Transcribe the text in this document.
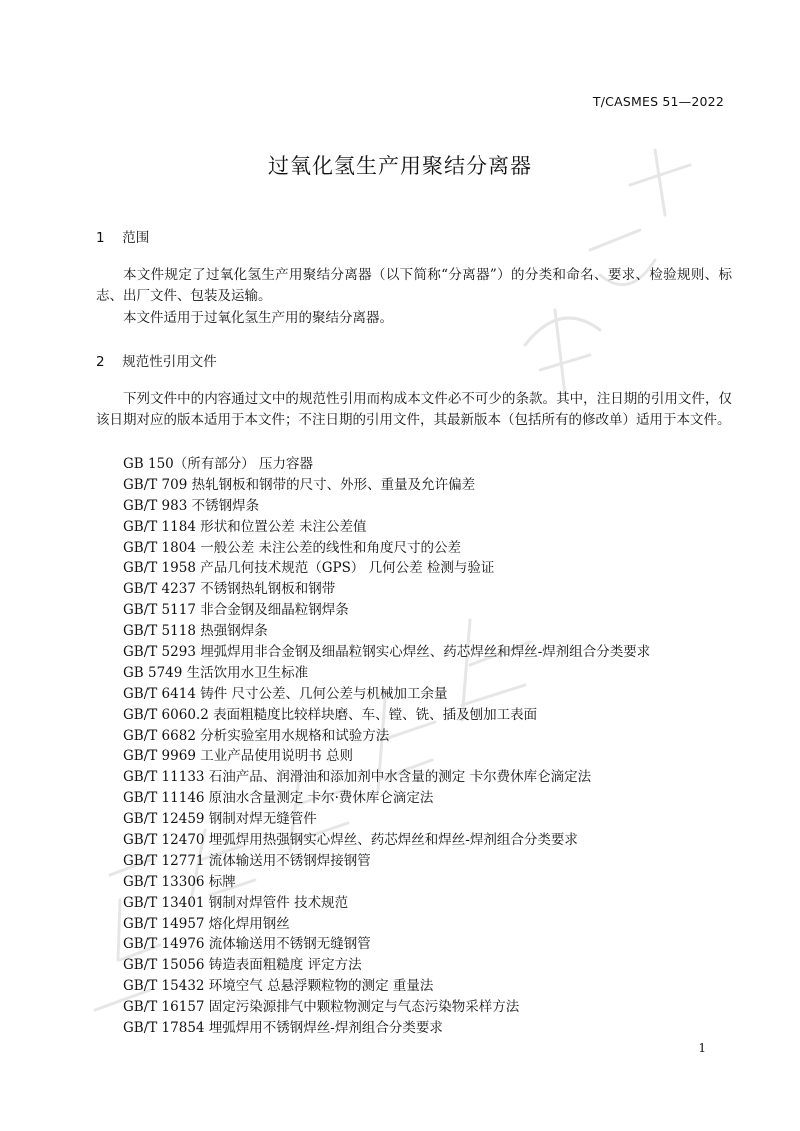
T/CASMES 51—2022
过氧化氢生产用聚结分离器
1 范围
本文件规定了过氧化氢生产用聚结分离器（以下简称“分离器”）的分类和命名、要求、检验规则、标志、出厂文件、包装及运输。
本文件适用于过氧化氢生产用的聚结分离器。
2 规范性引用文件
下列文件中的内容通过文中的规范性引用而构成本文件必不可少的条款。其中，注日期的引用文件，仅该日期对应的版本适用于本文件；不注日期的引用文件，其最新版本（包括所有的修改单）适用于本文件。
GB 150（所有部分） 压力容器
GB/T 709 热轧钢板和钢带的尺寸、外形、重量及允许偏差
GB/T 983 不锈钢焊条
GB/T 1184 形状和位置公差 未注公差值
GB/T 1804 一般公差 未注公差的线性和角度尺寸的公差
GB/T 1958 产品几何技术规范（GPS） 几何公差 检测与验证
GB/T 4237 不锈钢热轧钢板和钢带
GB/T 5117 非合金钢及细晶粒钢焊条
GB/T 5118 热强钢焊条
GB/T 5293 埋弧焊用非合金钢及细晶粒钢实心焊丝、药芯焊丝和焊丝-焊剂组合分类要求
GB 5749 生活饮用水卫生标准
GB/T 6414 铸件 尺寸公差、几何公差与机械加工余量
GB/T 6060.2 表面粗糙度比较样块磨、车、镗、铣、插及刨加工表面
GB/T 6682 分析实验室用水规格和试验方法
GB/T 9969 工业产品使用说明书 总则
GB/T 11133 石油产品、润滑油和添加剂中水含量的测定 卡尔费休库仑滴定法
GB/T 11146 原油水含量测定 卡尔·费休库仑滴定法
GB/T 12459 钢制对焊无缝管件
GB/T 12470 埋弧焊用热强钢实心焊丝、药芯焊丝和焊丝-焊剂组合分类要求
GB/T 12771 流体输送用不锈钢焊接钢管
GB/T 13306 标牌
GB/T 13401 钢制对焊管件 技术规范
GB/T 14957 熔化焊用钢丝
GB/T 14976 流体输送用不锈钢无缝钢管
GB/T 15056 铸造表面粗糙度 评定方法
GB/T 15432 环境空气 总悬浮颗粒物的测定 重量法
GB/T 16157 固定污染源排气中颗粒物测定与气态污染物采样方法
GB/T 17854 埋弧焊用不锈钢焊丝-焊剂组合分类要求
1
